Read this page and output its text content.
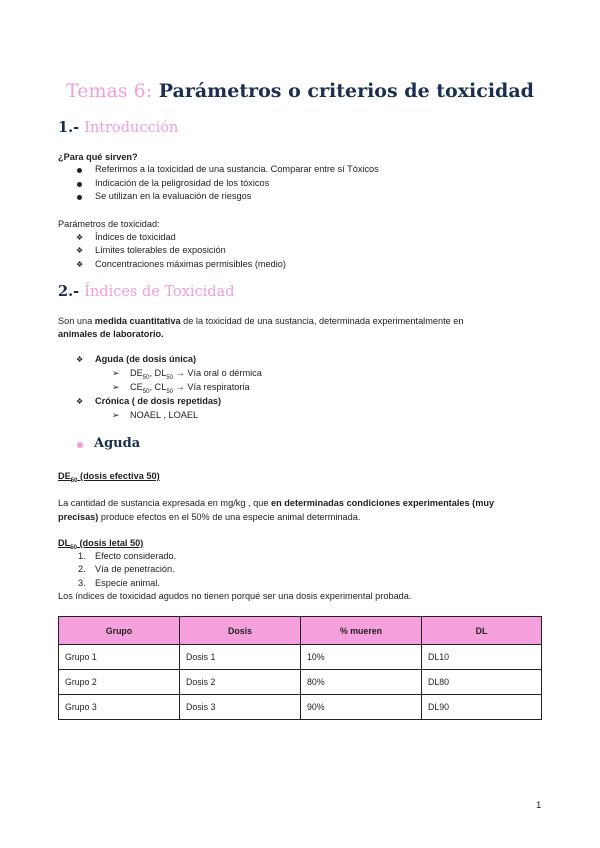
Temas 6: Parámetros o criterios de toxicidad
1.- Introducción
¿Para qué sirven?
Referirnos a la toxicidad de una sustancia. Comparar entre sí Tóxicos
Indicación de la peligrosidad de los tóxicos
Se utilizan en la evaluación de riesgos
Parámetros de toxicidad:
❖ Índices de toxicidad
❖ Límites tolerables de exposición
❖ Concentraciones máximas permisibles (medio)
2.- Índices de Toxicidad
Son una medida cuantitativa de la toxicidad de una sustancia, determinada experimentalmente en
animales de laboratorio.
❖ Aguda (de dosis única)
➢ $DE_{50}$, $DL_{50}$ → Vía oral o dérmica
➢ $CE_{50}$, $CL_{50}$ → Vía respiratoria
❖ Crónica ( de dosis repetidas)
➢ NOAEL , LOAEL
Aguda
$DE_{50}$ (dosis efectiva 50)
La cantidad de sustancia expresada en mg/kg , que en determinadas condiciones experimentales (muy
precisas) produce efectos en el 50% de una especie animal determinada.
$DL_{50}$ (dosis letal 50)
1. Efecto considerado.
2. Vía de penetración.
3. Especie animal.
Los índices de toxicidad agudos no tienen porqué ser una dosis experimental probada.
Grupo	Dosis	% mueren	DL
Grupo 1	Dosis 1	10%	DL10
Grupo 2	Dosis 2	80%	DL80
Grupo 3	Dosis 3	90%	DL90
1
